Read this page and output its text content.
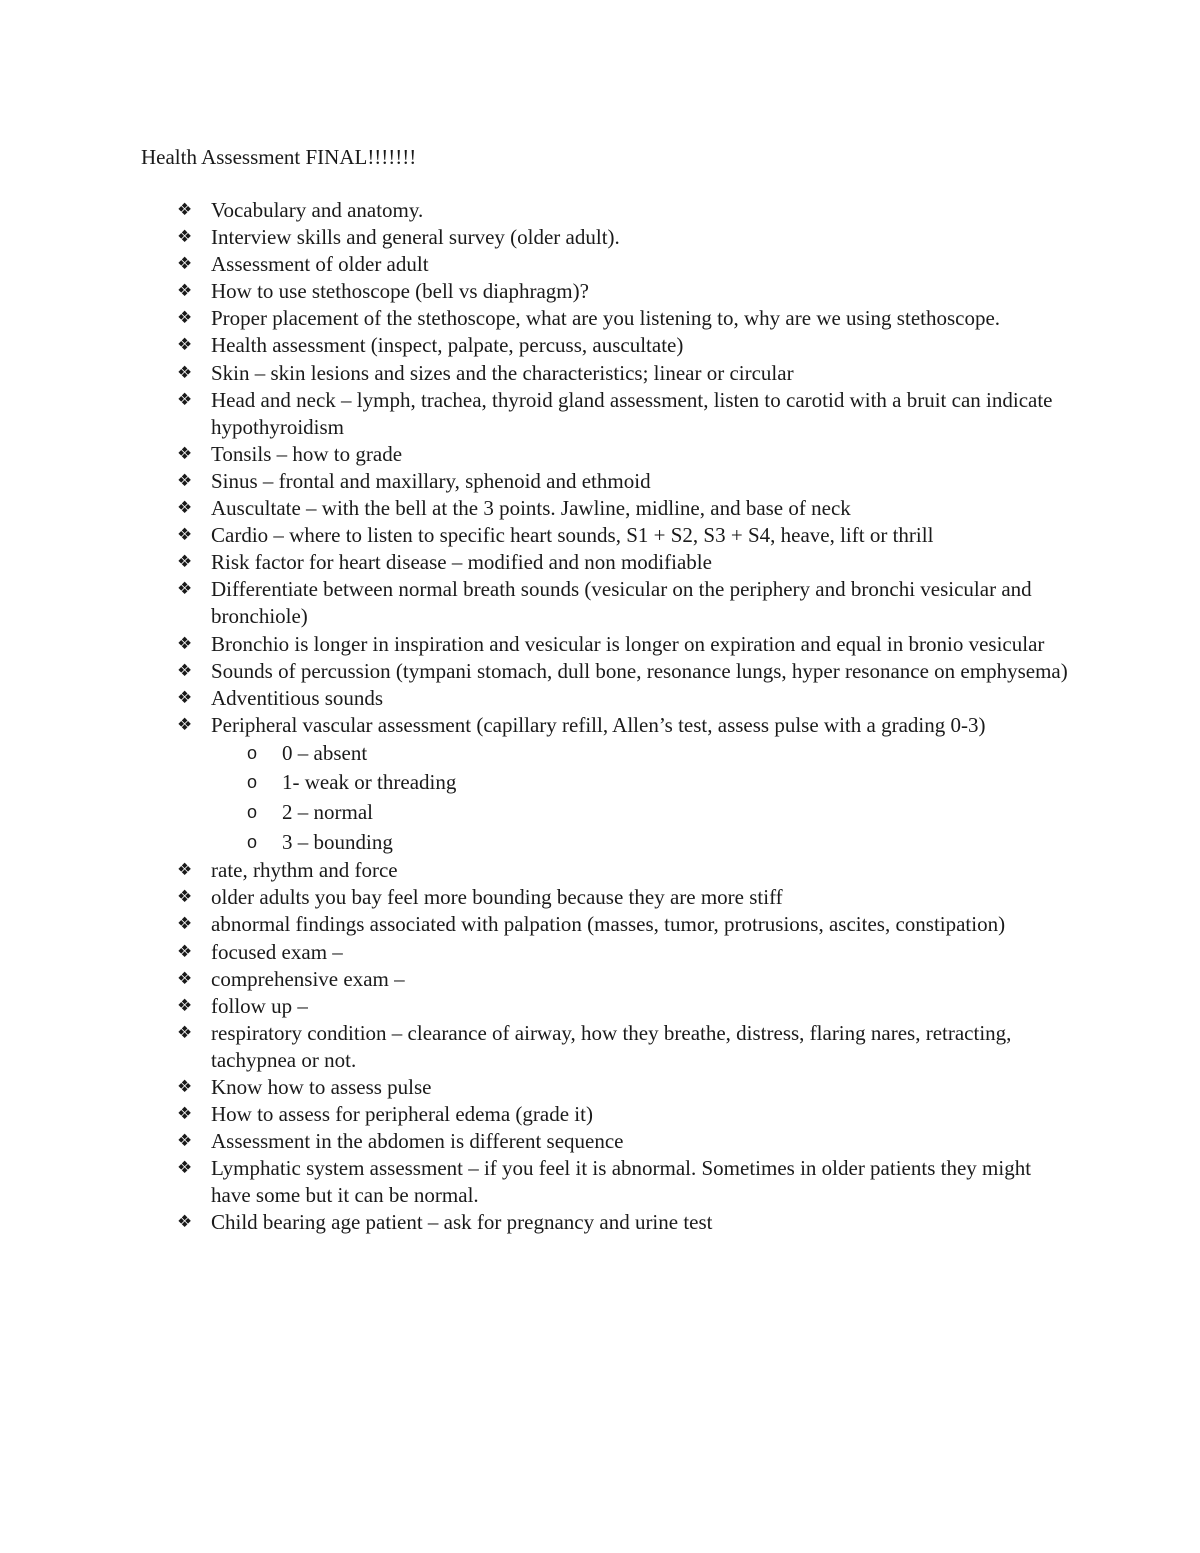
Health Assessment FINAL!!!!!!!
❖ Vocabulary and anatomy.
❖ Interview skills and general survey (older adult).
❖ Assessment of older adult
❖ How to use stethoscope (bell vs diaphragm)?
❖ Proper placement of the stethoscope, what are you listening to, why are we using stethoscope.
❖ Health assessment (inspect, palpate, percuss, auscultate)
❖ Skin – skin lesions and sizes and the characteristics; linear or circular
❖ Head and neck – lymph, trachea, thyroid gland assessment, listen to carotid with a bruit can indicate hypothyroidism
❖ Tonsils – how to grade
❖ Sinus – frontal and maxillary, sphenoid and ethmoid
❖ Auscultate – with the bell at the 3 points. Jawline, midline, and base of neck
❖ Cardio – where to listen to specific heart sounds, S1 + S2, S3 + S4, heave, lift or thrill
❖ Risk factor for heart disease – modified and non modifiable
❖ Differentiate between normal breath sounds (vesicular on the periphery and bronchi vesicular and bronchiole)
❖ Bronchio is longer in inspiration and vesicular is longer on expiration and equal in bronio vesicular
❖ Sounds of percussion (tympani stomach, dull bone, resonance lungs, hyper resonance on emphysema)
❖ Adventitious sounds
❖ Peripheral vascular assessment (capillary refill, Allen’s test, assess pulse with a grading 0-3)
o 0 – absent
o 1- weak or threading
o 2 – normal
o 3 – bounding
❖ rate, rhythm and force
❖ older adults you bay feel more bounding because they are more stiff
❖ abnormal findings associated with palpation (masses, tumor, protrusions, ascites, constipation)
❖ focused exam –
❖ comprehensive exam –
❖ follow up –
❖ respiratory condition – clearance of airway, how they breathe, distress, flaring nares, retracting, tachypnea or not.
❖ Know how to assess pulse
❖ How to assess for peripheral edema (grade it)
❖ Assessment in the abdomen is different sequence
❖ Lymphatic system assessment – if you feel it is abnormal. Sometimes in older patients they might have some but it can be normal.
❖ Child bearing age patient – ask for pregnancy and urine test
